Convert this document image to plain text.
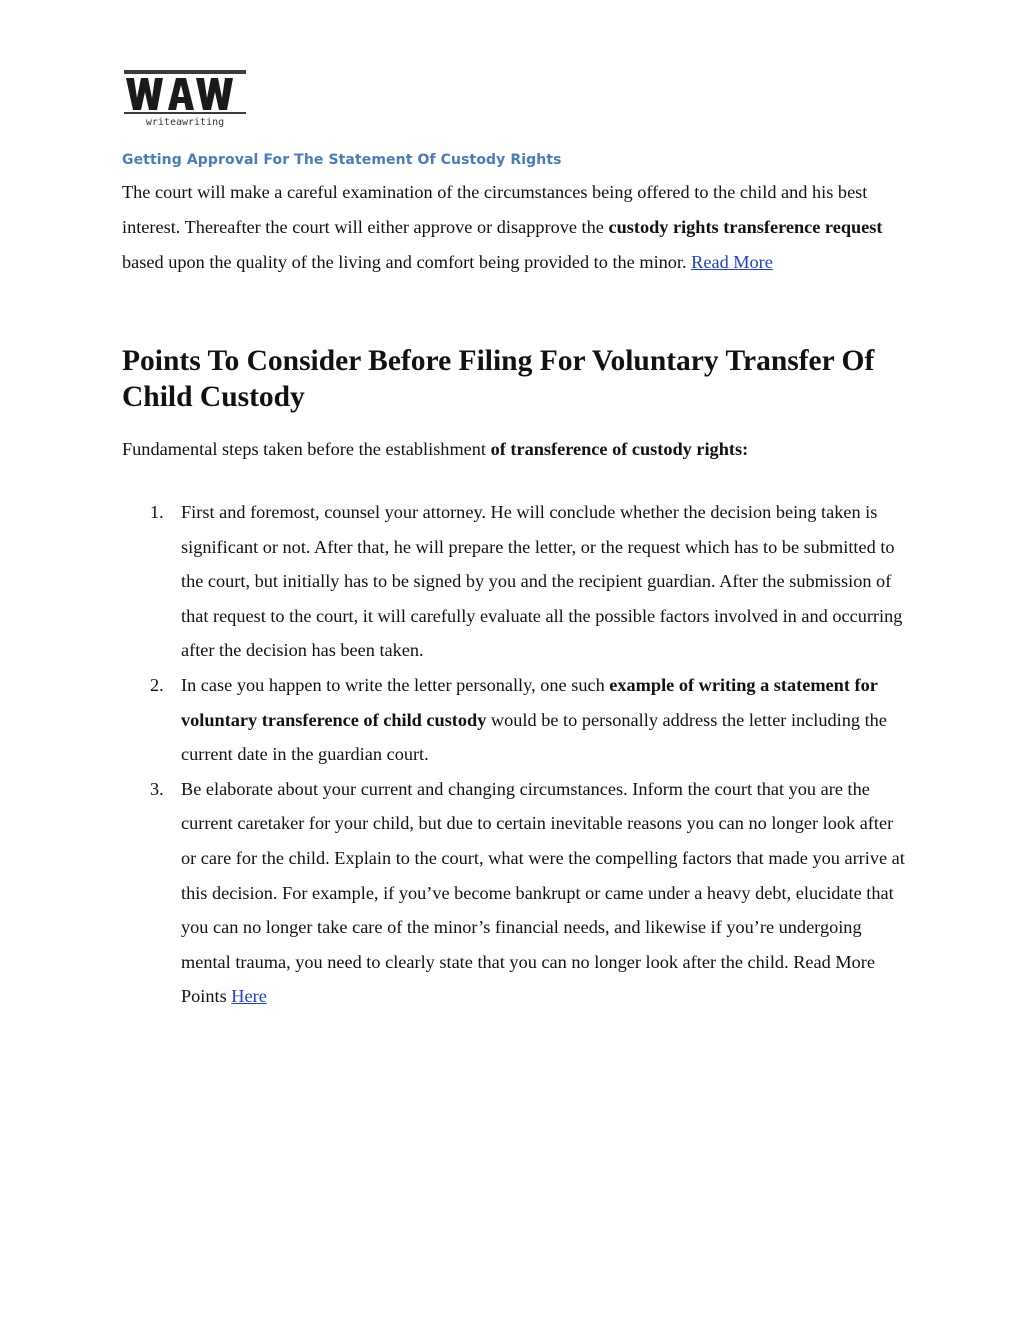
writeawriting
Getting Approval For The Statement Of Custody Rights

The court will make a careful examination of the circumstances being offered to the child and his best interest. Thereafter the court will either approve or disapprove the custody rights transference request based upon the quality of the living and comfort being provided to the minor. Read More

Points To Consider Before Filing For Voluntary Transfer Of Child Custody

Fundamental steps taken before the establishment of transference of custody rights:

1. First and foremost, counsel your attorney. He will conclude whether the decision being taken is significant or not. After that, he will prepare the letter, or the request which has to be submitted to the court, but initially has to be signed by you and the recipient guardian. After the submission of that request to the court, it will carefully evaluate all the possible factors involved in and occurring after the decision has been taken.
2. In case you happen to write the letter personally, one such example of writing a statement for voluntary transference of child custody would be to personally address the letter including the current date in the guardian court.
3. Be elaborate about your current and changing circumstances. Inform the court that you are the current caretaker for your child, but due to certain inevitable reasons you can no longer look after or care for the child. Explain to the court, what were the compelling factors that made you arrive at this decision. For example, if you’ve become bankrupt or came under a heavy debt, elucidate that you can no longer take care of the minor’s financial needs, and likewise if you’re undergoing mental trauma, you need to clearly state that you can no longer look after the child. Read More Points Here
